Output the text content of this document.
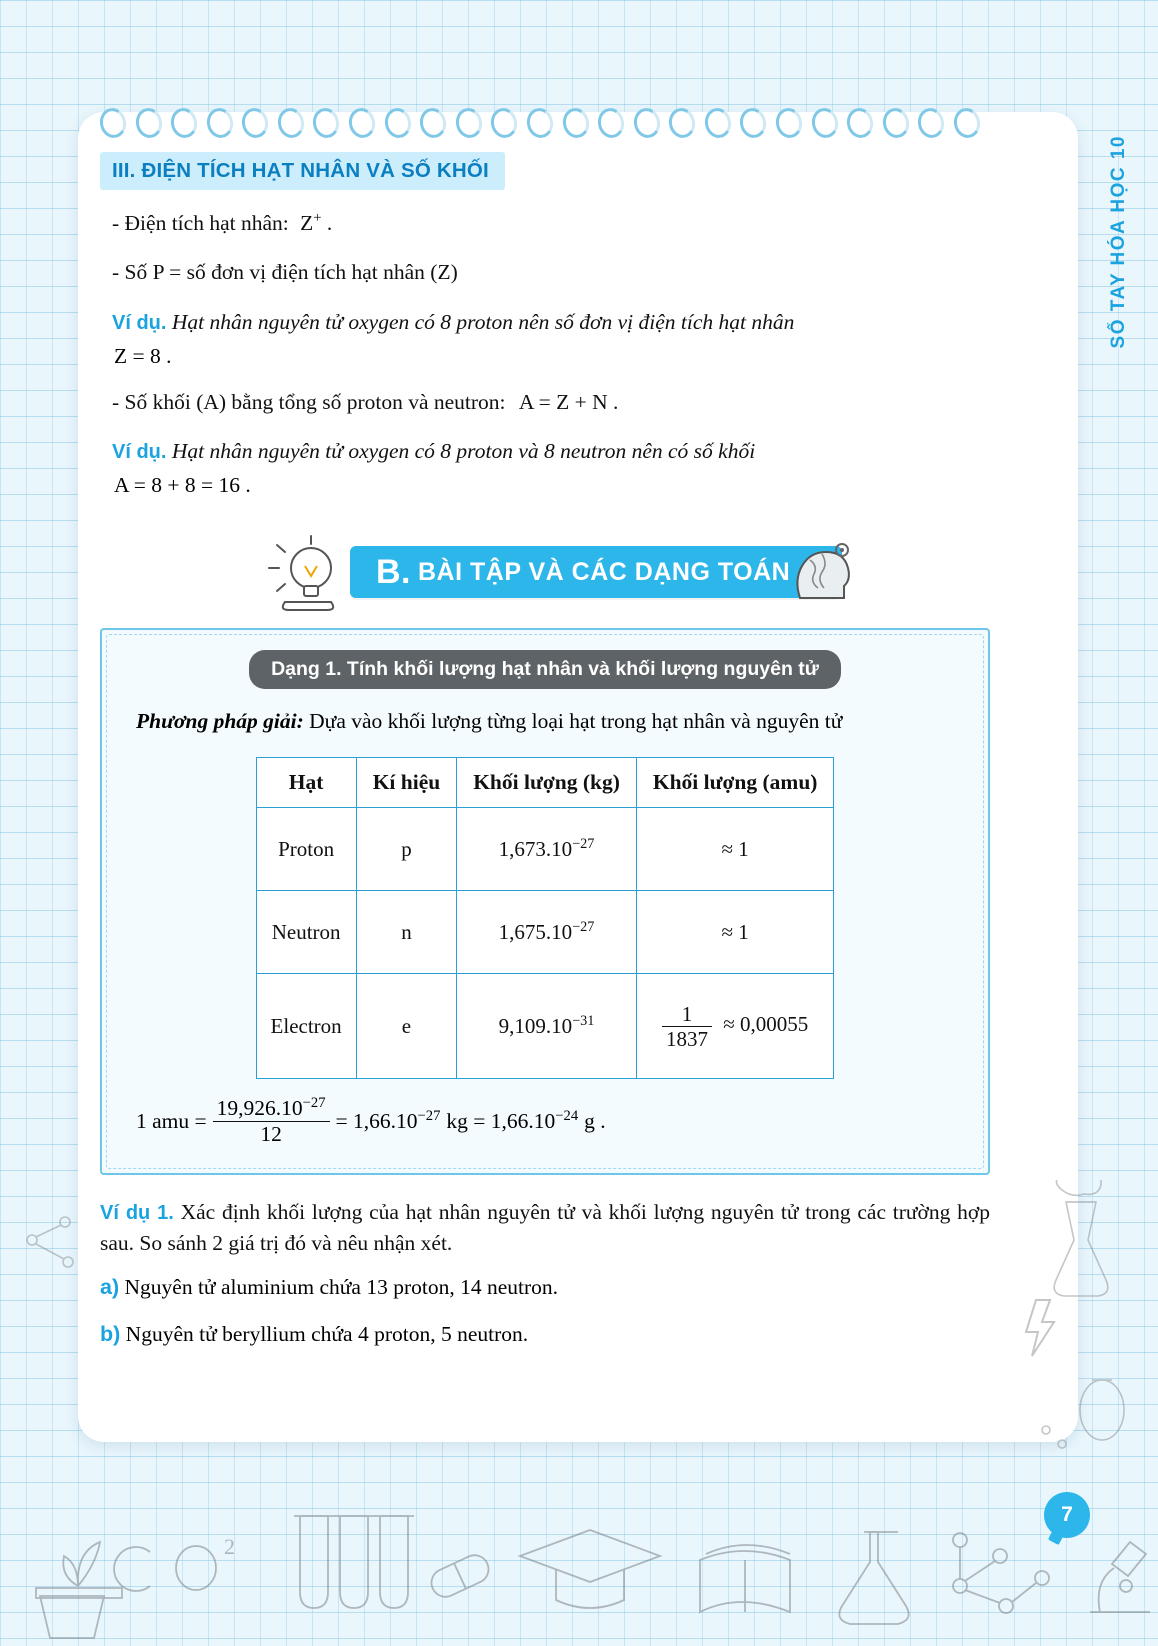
SỔ TAY HÓA HỌC 10
III. ĐIỆN TÍCH HẠT NHÂN VÀ SỐ KHỐI

- Điện tích hạt nhân: Z+ .

- Số P = số đơn vị điện tích hạt nhân (Z)

Ví dụ. Hạt nhân nguyên tử oxygen có 8 proton nên số đơn vị điện tích hạt nhân

Z = 8 .

- Số khối (A) bằng tổng số proton và neutron: A = Z + N .

Ví dụ. Hạt nhân nguyên tử oxygen có 8 proton và 8 neutron nên có số khối

A = 8 + 8 = 16 .
B. BÀI TẬP VÀ CÁC DẠNG TOÁN
Dạng 1. Tính khối lượng hạt nhân và khối lượng nguyên tử

Phương pháp giải: Dựa vào khối lượng từng loại hạt trong hạt nhân và nguyên tử

Hạt	Kí hiệu	Khối lượng (kg)	Khối lượng (amu)
Proton	p	$1,673.10^{-27}$	≈ 1
Neutron	n	$1,675.10^{-27}$	≈ 1
Electron	e	$9,109.10^{-31}$	$\frac{1}{1837} \approx 0,00055$
1 amu = $\frac{19,926.10^{-27}}{12} = 1,66.10^{-27}$ kg = $1,66.10^{-24}$ g .

Ví dụ 1. Xác định khối lượng của hạt nhân nguyên tử và khối lượng nguyên tử trong các trường hợp sau. So sánh 2 giá trị đó và nêu nhận xét.

a) Nguyên tử aluminium chứa 13 proton, 14 neutron.

b) Nguyên tử beryllium chứa 4 proton, 5 neutron.

7
2
